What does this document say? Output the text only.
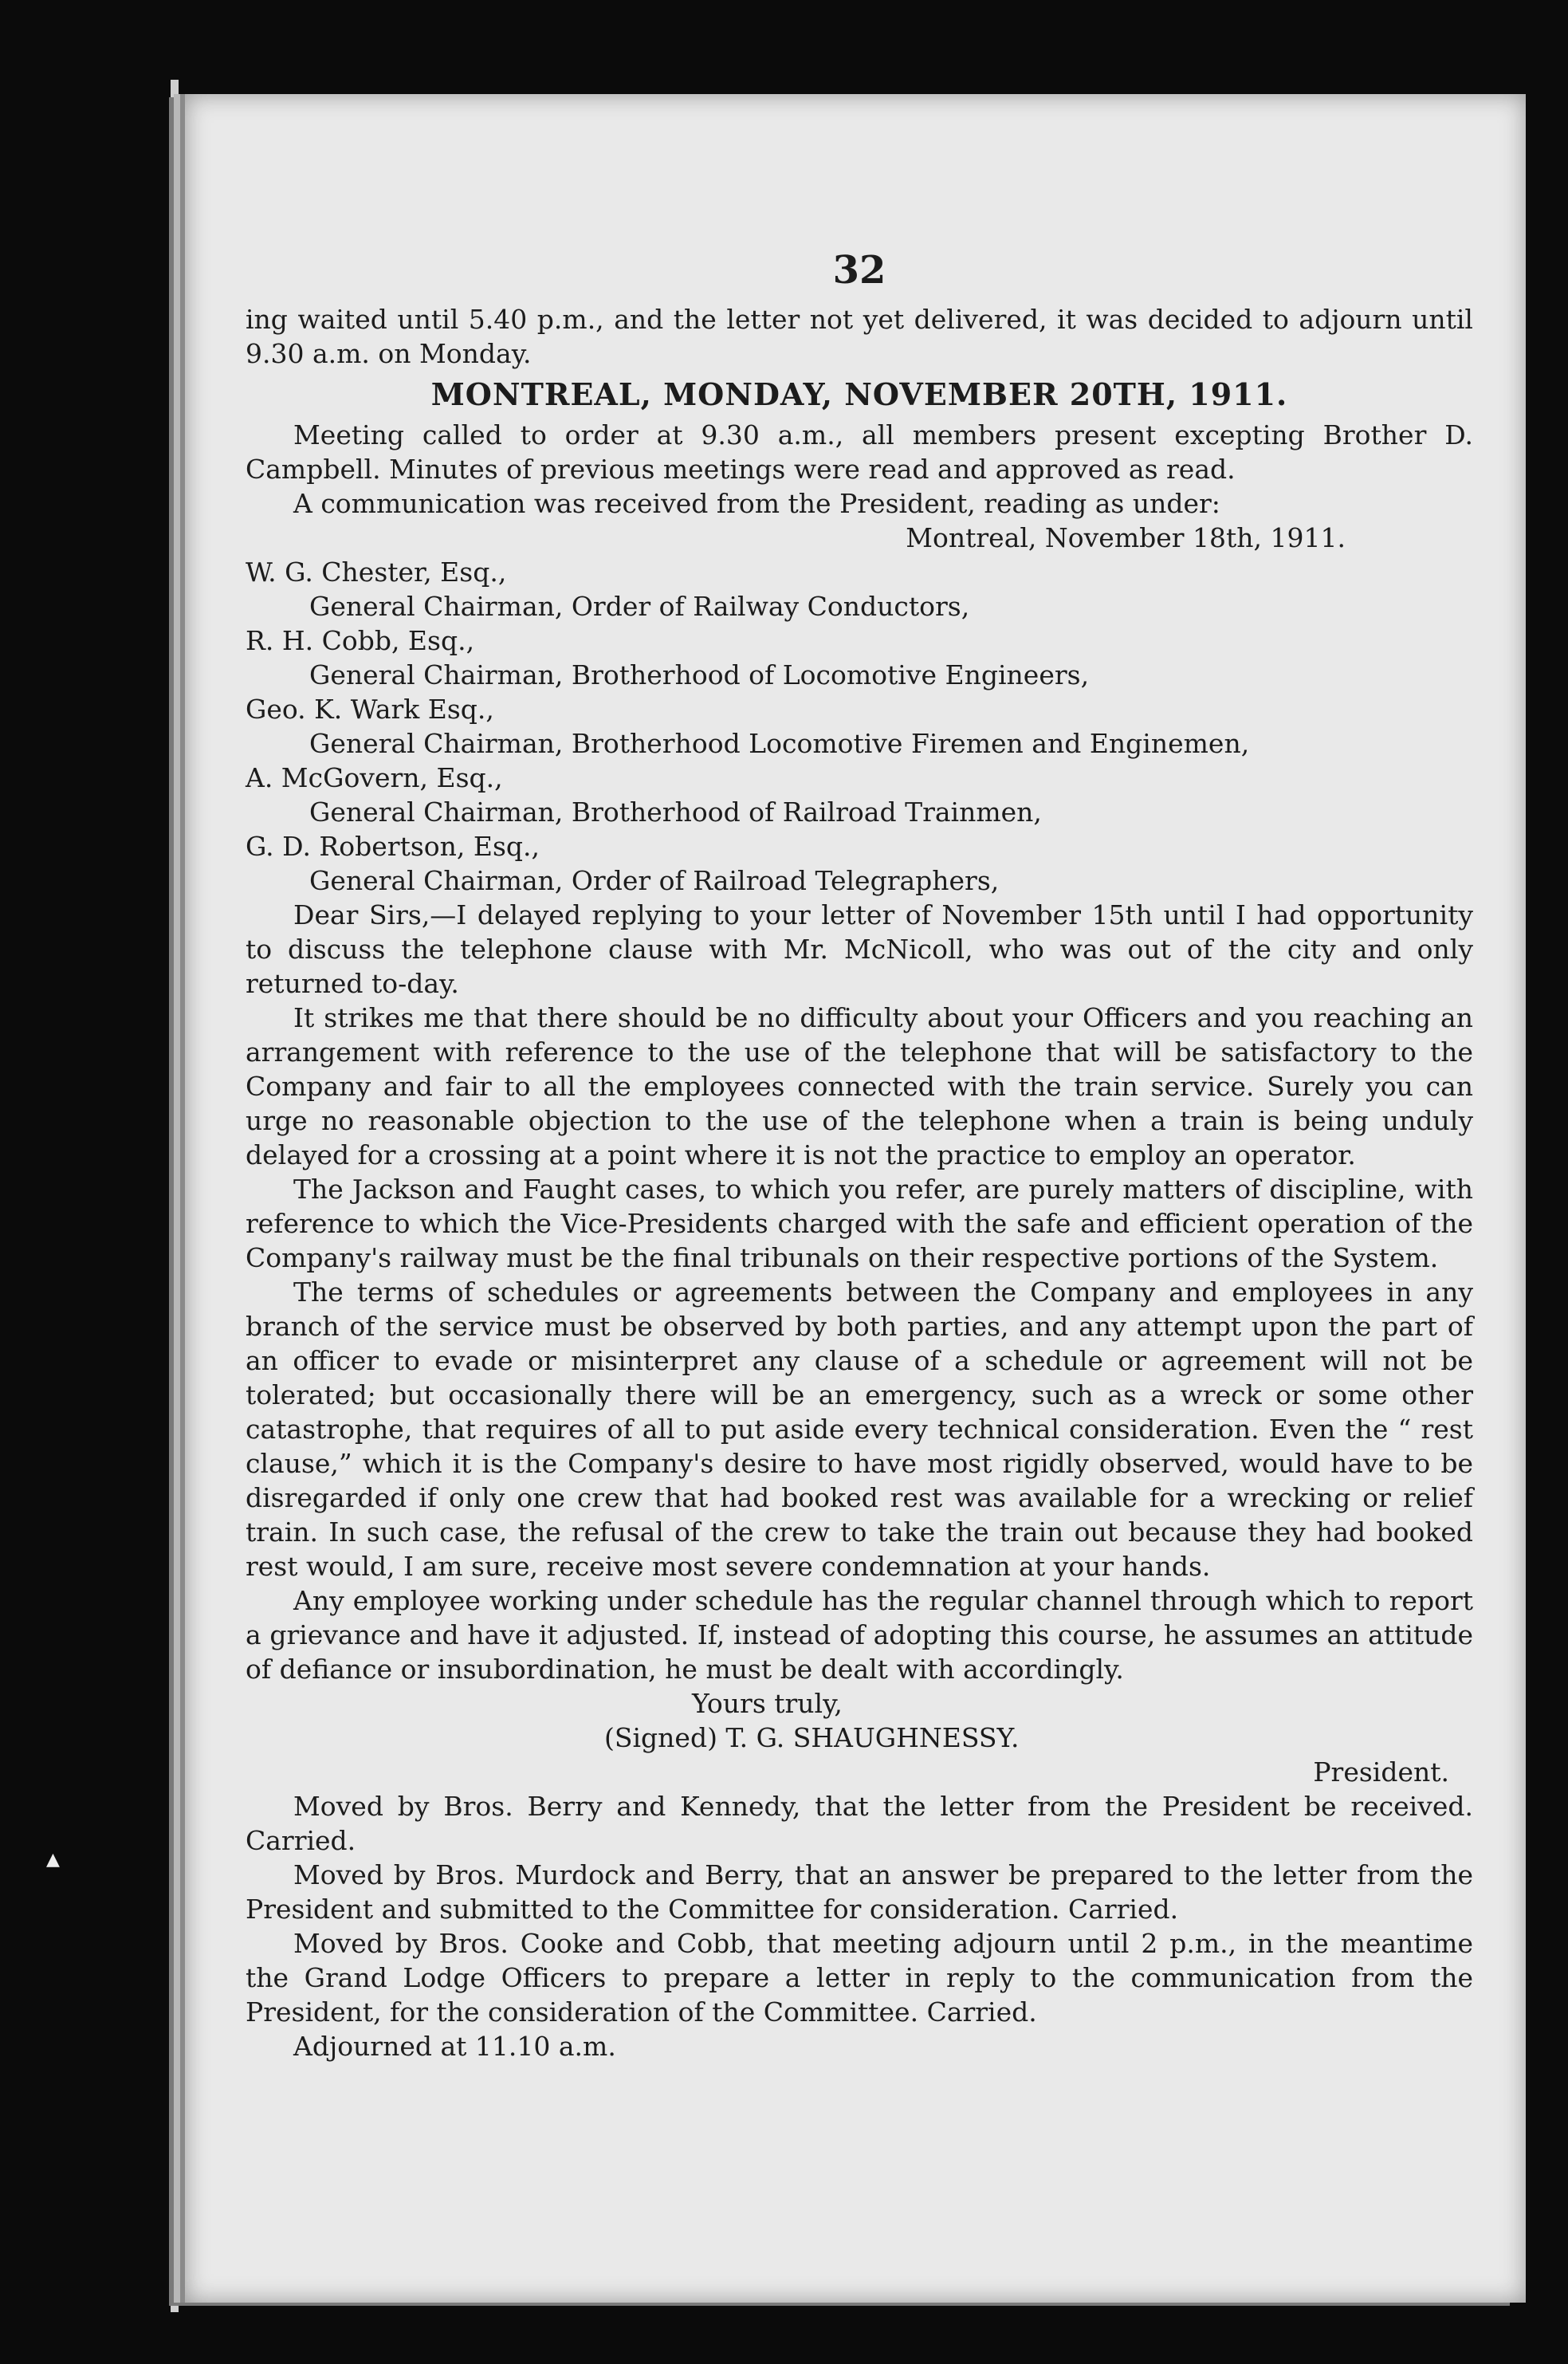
▲
32

ing waited until 5.40 p.m., and the letter not yet delivered, it was decided to adjourn until 9.30 a.m. on Monday.

MONTREAL, MONDAY, NOVEMBER 20TH, 1911.

Meeting called to order at 9.30 a.m., all members present excepting Brother D. Campbell. Minutes of previous meetings were read and approved as read.

A communication was received from the President, reading as under:

Montreal, November 18th, 1911.

W. G. Chester, Esq.,

General Chairman, Order of Railway Conductors,

R. H. Cobb, Esq.,

General Chairman, Brotherhood of Locomotive Engineers,

Geo. K. Wark Esq.,

General Chairman, Brotherhood Locomotive Firemen and Enginemen,

A. McGovern, Esq.,

General Chairman, Brotherhood of Railroad Trainmen,

G. D. Robertson, Esq.,

General Chairman, Order of Railroad Telegraphers,

Dear Sirs,—I delayed replying to your letter of November 15th until I had opportunity to discuss the telephone clause with Mr. McNicoll, who was out of the city and only returned to-day.

It strikes me that there should be no difficulty about your Officers and you reaching an arrangement with reference to the use of the telephone that will be satisfactory to the Company and fair to all the employees connected with the train service. Surely you can urge no reasonable objection to the use of the telephone when a train is being unduly delayed for a crossing at a point where it is not the practice to employ an operator.

The Jackson and Faught cases, to which you refer, are purely matters of discipline, with reference to which the Vice-Presidents charged with the safe and efficient operation of the Company's railway must be the final tribunals on their respective portions of the System.

The terms of schedules or agreements between the Company and employees in any branch of the service must be observed by both parties, and any attempt upon the part of an officer to evade or misinterpret any clause of a schedule or agreement will not be tolerated; but occasionally there will be an emergency, such as a wreck or some other catastrophe, that requires of all to put aside every technical consideration. Even the “ rest clause,” which it is the Company's desire to have most rigidly observed, would have to be disregarded if only one crew that had booked rest was available for a wrecking or relief train. In such case, the refusal of the crew to take the train out because they had booked rest would, I am sure, receive most severe condemnation at your hands.

Any employee working under schedule has the regular channel through which to report a grievance and have it adjusted. If, instead of adopting this course, he assumes an attitude of defiance or insubordination, he must be dealt with accordingly.

Yours truly,

(Signed) T. G. SHAUGHNESSY.

President.

Moved by Bros. Berry and Kennedy, that the letter from the President be received. Carried.

Moved by Bros. Murdock and Berry, that an answer be prepared to the letter from the President and submitted to the Committee for consideration. Carried.

Moved by Bros. Cooke and Cobb, that meeting adjourn until 2 p.m., in the meantime the Grand Lodge Officers to prepare a letter in reply to the communication from the President, for the consideration of the Committee. Carried.

Adjourned at 11.10 a.m.
